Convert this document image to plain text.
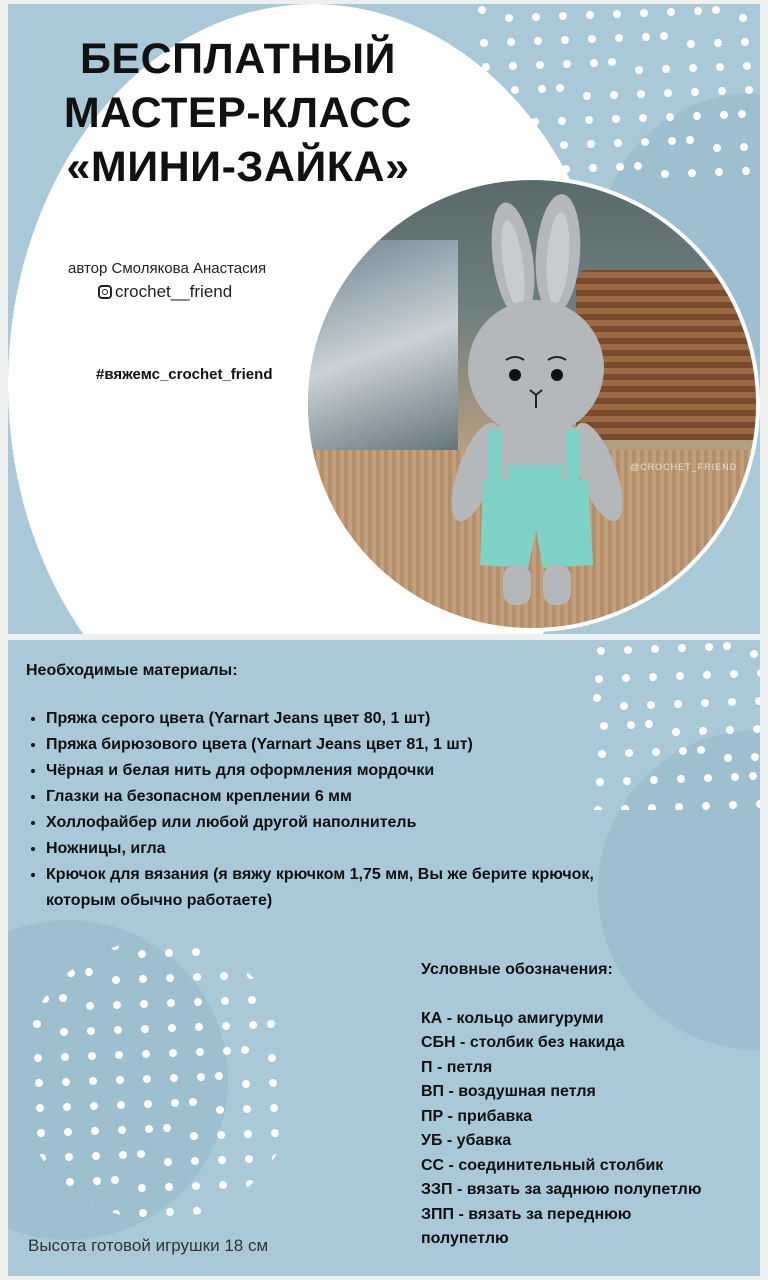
БЕСПЛАТНЫЙ
МАСТЕР-КЛАСС
«МИНИ-ЗАЙКА»
автор Смолякова Анастасия
crochet__friend
#вяжемс_crochet_friend
@CROCHET_FRIEND
Необходимые материалы:
• Пряжа серого цвета (Yarnart Jeans цвет 80, 1 шт)
• Пряжа бирюзового цвета (Yarnart Jeans цвет 81, 1 шт)
• Чёрная и белая нить для оформления мордочки
• Глазки на безопасном креплении 6 мм
• Холлофайбер или любой другой наполнитель
• Ножницы, игла
• Крючок для вязания (я вяжу крючком 1,75 мм, Вы же берите крючок, которым обычно работаете)
Условные обозначения:
КА - кольцо амигуруми
СБН - столбик без накида
П - петля
ВП - воздушная петля
ПР - прибавка
УБ - убавка
СС - соединительный столбик
ЗЗП - вязать за заднюю полупетлю
ЗПП - вязать за переднюю
полупетлю
Высота готовой игрушки 18 см
